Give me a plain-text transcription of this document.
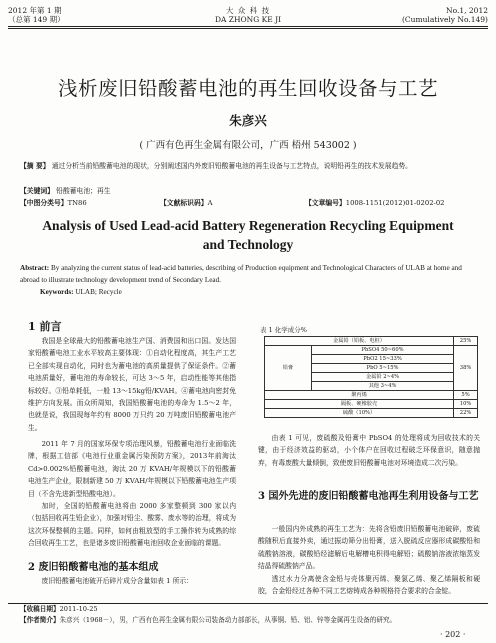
2012 年第 1 期
（总第 149 期）
大 众 科 技
DA ZHONG KE JI
No.1, 2012
(Cumulatively No.149)
浅析废旧铅酸蓄电池的再生回收设备与工艺
朱彦兴
( 广西有色再生金属有限公司，广西 梧州 543002 )
【摘 要】 通过分析当前铅酸蓄电池的现状，分别阐述国内外废旧铅酸蓄电池的再生设备与工艺特点，说明铅再生的技术发展趋势。
【关键词】 铅酸蓄电池；再生
【中图分类号】TN86	【文献标识码】A	【文章编号】1008-1151(2012)01-0202-02
Analysis of Used Lead-acid Battery Regeneration Recycling Equipment and Technology
Abstract: By analyzing the current status of lead-acid batteries, describing of Production equipment and Technological Characters of ULAB at home and abroad to illustrate technology development trend of Secondary Lead.
Keywords: ULAB; Recycle
1 前言
我国是全球最大的铅酸蓄电池生产国、消费国和出口国。发达国家铅酸蓄电池工业水平较高主要体现：①自动化程度高，其生产工艺已全部实现自动化，同时也为蓄电池的高质量提供了保证条件。②蓄电池质量好，蓄电池的寿命较长，可达 3～5 年，启动性能等其他指标较好。③铅单耗低，一般 13～15kg铅/KVAH。④蓄电池向密封免维护方向发展。而众所周知，我国铅酸蓄电池的寿命为 1.5～2 年，也就是说，我国现每年约有 8000 万只约 20 万吨废旧铅酸蓄电池产生。
2011 年 7 月的国家环保专项治理风暴，铅酸蓄电池行业面临洗牌，根据工信部《电池行业重金属污染预防方案》，2013年前淘汰 Cd>0.002%铅酸蓄电池，淘汰 20 万 KVAH/年规模以下的铅酸蓄电池生产企业，限制新建 50 万 KVAH/年规模以下铅酸蓄电池生产项目（不含先进新型铅酸电池）。
加时，全国的铅酸蓄电池将由 2000 多家整顿到 300 家以内（包括回收再生铅企业），加强对铅尘、酸雾、废水等的治理，将成为这次环保整顿的主题。同样，如何由粗放型的手工操作转为成熟的综合回收再生工艺，也是诸多废旧铅酸蓄电池回收企业面临的课题。
2 废旧铅酸蓄电池的基本组成
废旧铅酸蓄电池破开后碎片成分含量如表 1 所示：
表 1 化学成分%
金属铅（铅板、电桩）		25%
铅膏	PbSO4 50~60%	38%
	PbO2 15~33%	
	PbO 5~15%	
	金属铅 2~4%	
	其他 3~4%	
聚丙烯		5%
隔板、硬橡胶壳		10%
硫酸（10%）		22%
由表 1 可见，废硫酸及铅膏中 PbSO4 的处理将成为回收技术的关键，由于经济效益的驱动，小个体户在回收过程破乏环保意识，随意抛弃，有毒废酸大量倾倒，致使废旧铅酸蓄电池对环境造成二次污染。
3 国外先进的废旧铅酸蓄电池再生利用设备与工艺
一般国内外成熟的再生工艺为：先将含铅废旧铅酸蓄电池破碎，废硫酸随积后直接外卖，通过振动筛分出铅膏，送入脱硫反应器形成碳酸铅和硫酸钠溶液，碳酸铅经滤解后电解槽电积得电解铅；硫酸钠溶液浓缩蒸发结晶得硫酸钠产品。
透过水力分离使含金铅与壳体聚丙烯、聚氯乙烯、聚乙烯隔板和硬胶，合金铅经过各种不同工艺熔铸成各种规格符合要求的合金锭。
【收稿日期】2011-10-25
【作者简介】朱彦兴（1968－），男，广西有色再生金属有限公司装备动力部部长，从事铜、铅、铝、锌等金属再生设备的研究。
· 202 ·
